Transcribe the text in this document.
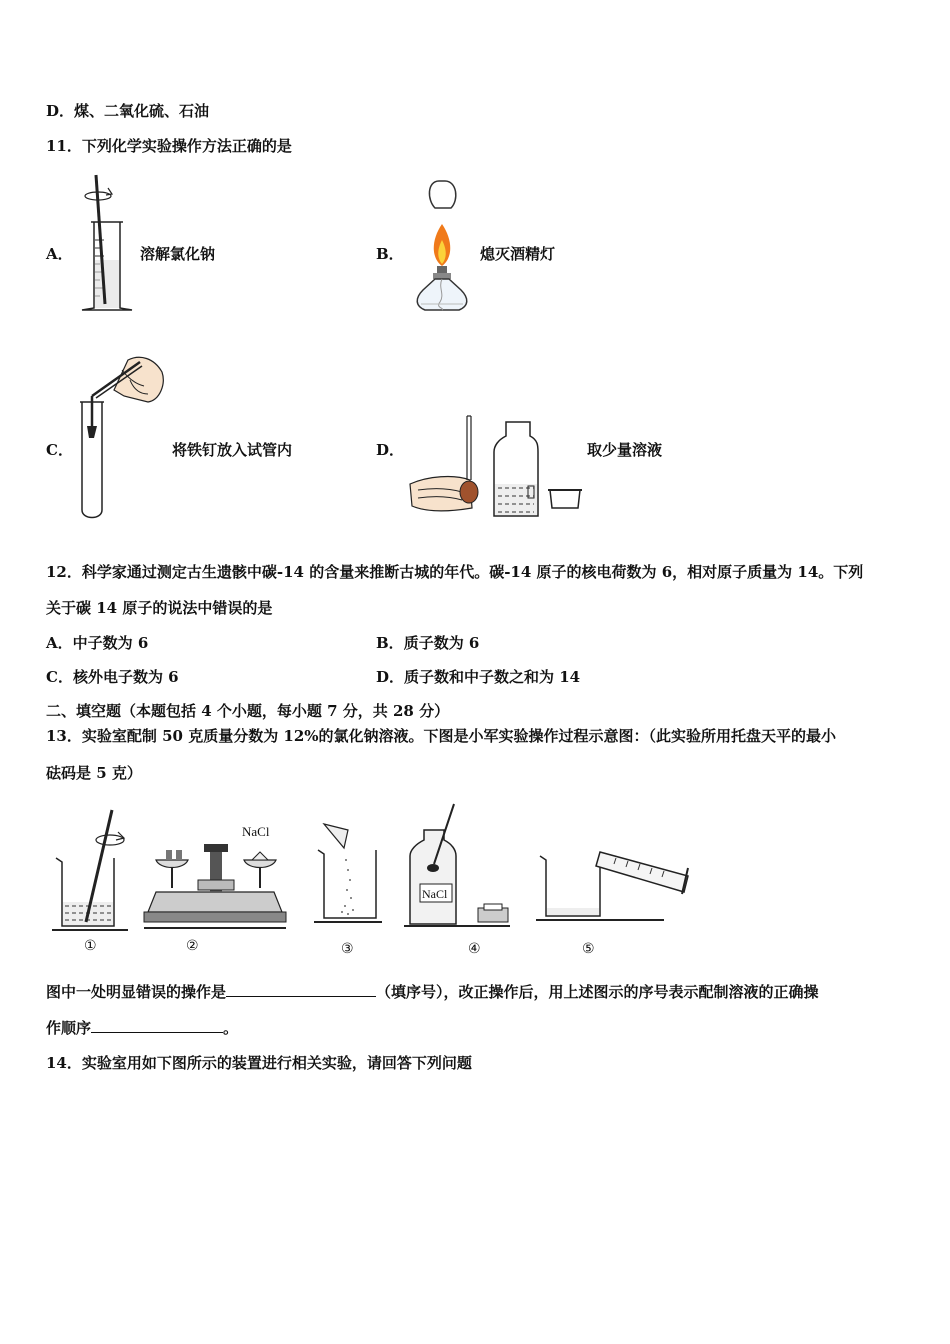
D．煤、二氧化硫、石油
11．下列化学实验操作方法正确的是
A．	溶解氯化钠	B．	熄灭酒精灯
C．	将铁钉放入试管内	D．	取少量溶液
12．科学家通过测定古生遗骸中碳-14 的含量来推断古城的年代。碳-14 原子的核电荷数为 6，相对原子质量为 14。下列
关于碳 14 原子的说法中错误的是
A．中子数为 6	B．质子数为 6
C．核外电子数为 6	D．质子数和中子数之和为 14
二、填空题（本题包括 4 个小题，每小题 7 分，共 28 分）
13．实验室配制 50 克质量分数为 12%的氯化钠溶液。下图是小军实验操作过程示意图：（此实验所用托盘天平的最小
砝码是 5 克）
NaCl
NaCl
①	②	③	④	⑤
图中一处明显错误的操作是	（填序号），改正操作后，用上述图示的序号表示配制溶液的正确操
作顺序	。
14．实验室用如下图所示的装置进行相关实验，请回答下列问题
